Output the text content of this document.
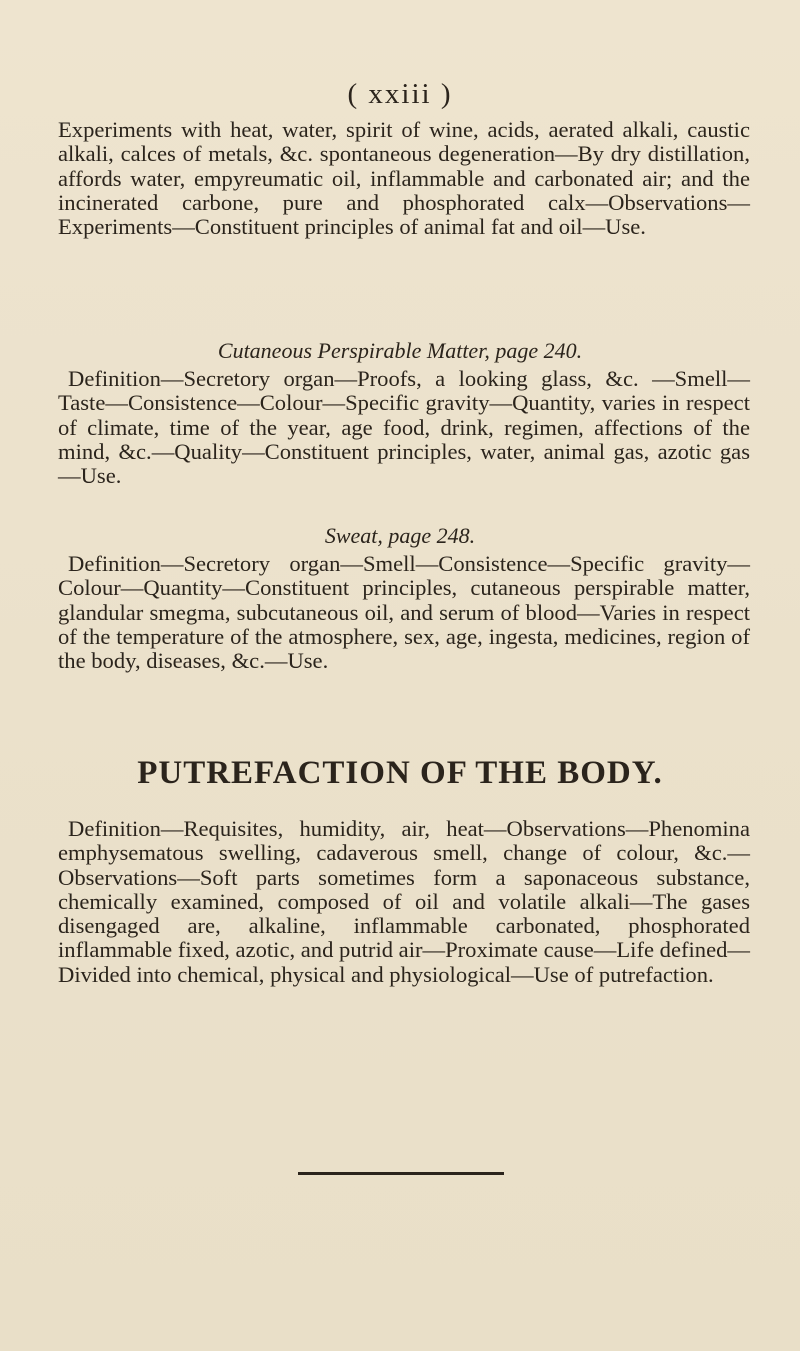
( xxiii )

Experiments with heat, water, spirit of wine, acids, aerated alkali, caustic alkali, calces of metals, &c. spontaneous degeneration—By dry distillation, affords water, empyreumatic oil, inflammable and carbonated air; and the incinerated carbone, pure and phosphorated calx—Observations—Experiments—Constituent principles of animal fat and oil—Use.

Cutaneous Perspirable Matter, page 240.

Definition—Secretory organ—Proofs, a looking glass, &c. —Smell—Taste—Consistence—Colour—Specific gravity—Quantity, varies in respect of climate, time of the year, age food, drink, regimen, affections of the mind, &c.—Quality—Constituent principles, water, animal gas, azotic gas—Use.

Sweat, page 248.

Definition—Secretory organ—Smell—Consistence—Specific gravity—Colour—Quantity—Constituent principles, cutaneous perspirable matter, glandular smegma, subcutaneous oil, and serum of blood—Varies in respect of the temperature of the atmosphere, sex, age, ingesta, medicines, region of the body, diseases, &c.—Use.

PUTREFACTION OF THE BODY.

Definition—Requisites, humidity, air, heat—Observations—Phenomina emphysematous swelling, cadaverous smell, change of colour, &c.—Observations—Soft parts sometimes form a saponaceous substance, chemically examined, composed of oil and volatile alkali—The gases disengaged are, alkaline, inflammable carbonated, phosphorated inflammable fixed, azotic, and putrid air—Proximate cause—Life defined—Divided into chemical, physical and physiological—Use of putrefaction.
